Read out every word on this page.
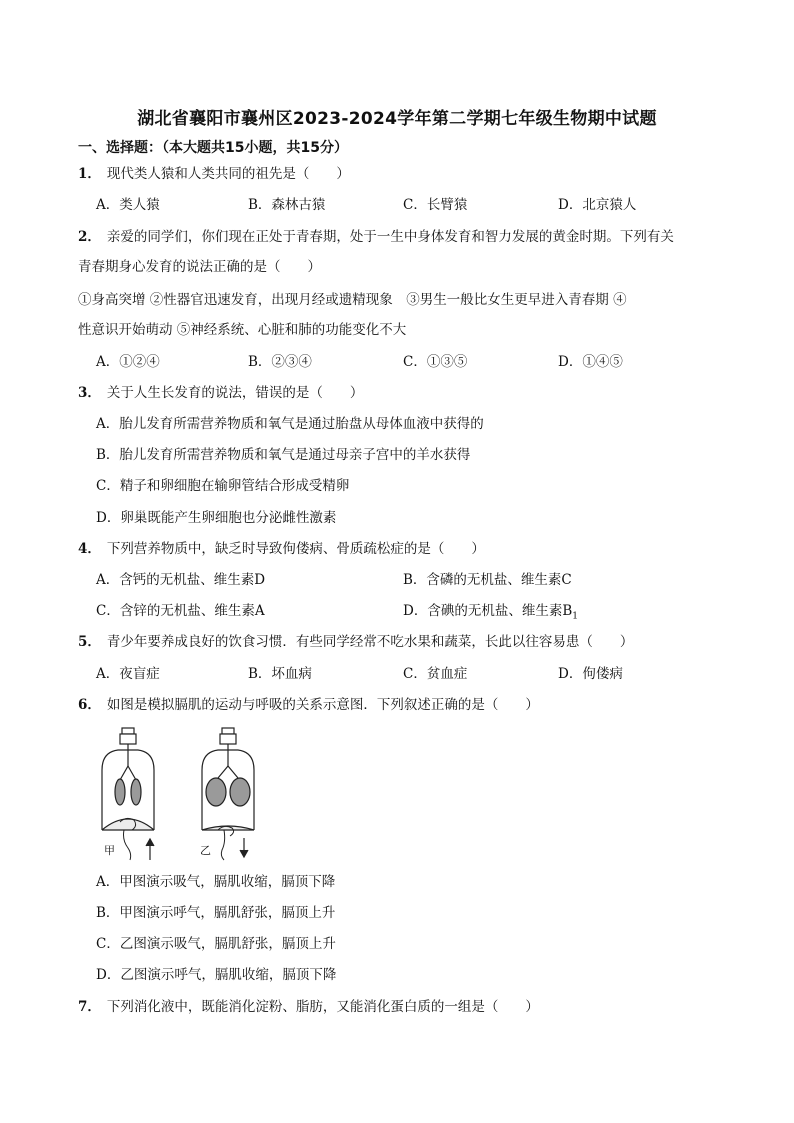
湖北省襄阳市襄州区2023-2024学年第二学期七年级生物期中试题
一、选择题：（本大题共15小题，共15分）
1． 现代类人猿和人类共同的祖先是（　　）
A．类人猿	B．森林古猿	C．长臂猿	D．北京猿人
2． 亲爱的同学们，你们现在正处于青春期，处于一生中身体发育和智力发展的黄金时期。下列有关
青春期身心发育的说法正确的是（　　）
①身高突增 ②性器官迅速发育，出现月经或遗精现象　③男生一般比女生更早进入青春期 ④
性意识开始萌动 ⑤神经系统、心脏和肺的功能变化不大
A．①②④	B．②③④	C．①③⑤	D．①④⑤
3． 关于人生长发育的说法，错误的是（　　）
A．胎儿发育所需营养物质和氧气是通过胎盘从母体血液中获得的
B．胎儿发育所需营养物质和氧气是通过母亲子宫中的羊水获得
C．精子和卵细胞在输卵管结合形成受精卵
D．卵巢既能产生卵细胞也分泌雌性激素
4． 下列营养物质中，缺乏时导致佝偻病、骨质疏松症的是（　　）
A．含钙的无机盐、维生素D	B．含磷的无机盐、维生素C
C．含锌的无机盐、维生素A	D．含碘的无机盐、维生素$B_1$
5． 青少年要养成良好的饮食习惯．有些同学经常不吃水果和蔬菜，长此以往容易患（　　）
A．夜盲症	B．坏血病	C．贫血症	D．佝偻病
6． 如图是模拟膈肌的运动与呼吸的关系示意图．下列叙述正确的是（　　）
甲	乙
A．甲图演示吸气，膈肌收缩，膈顶下降
B．甲图演示呼气，膈肌舒张，膈顶上升
C．乙图演示吸气，膈肌舒张，膈顶上升
D．乙图演示呼气，膈肌收缩，膈顶下降
7． 下列消化液中，既能消化淀粉、脂肪，又能消化蛋白质的一组是（　　）
